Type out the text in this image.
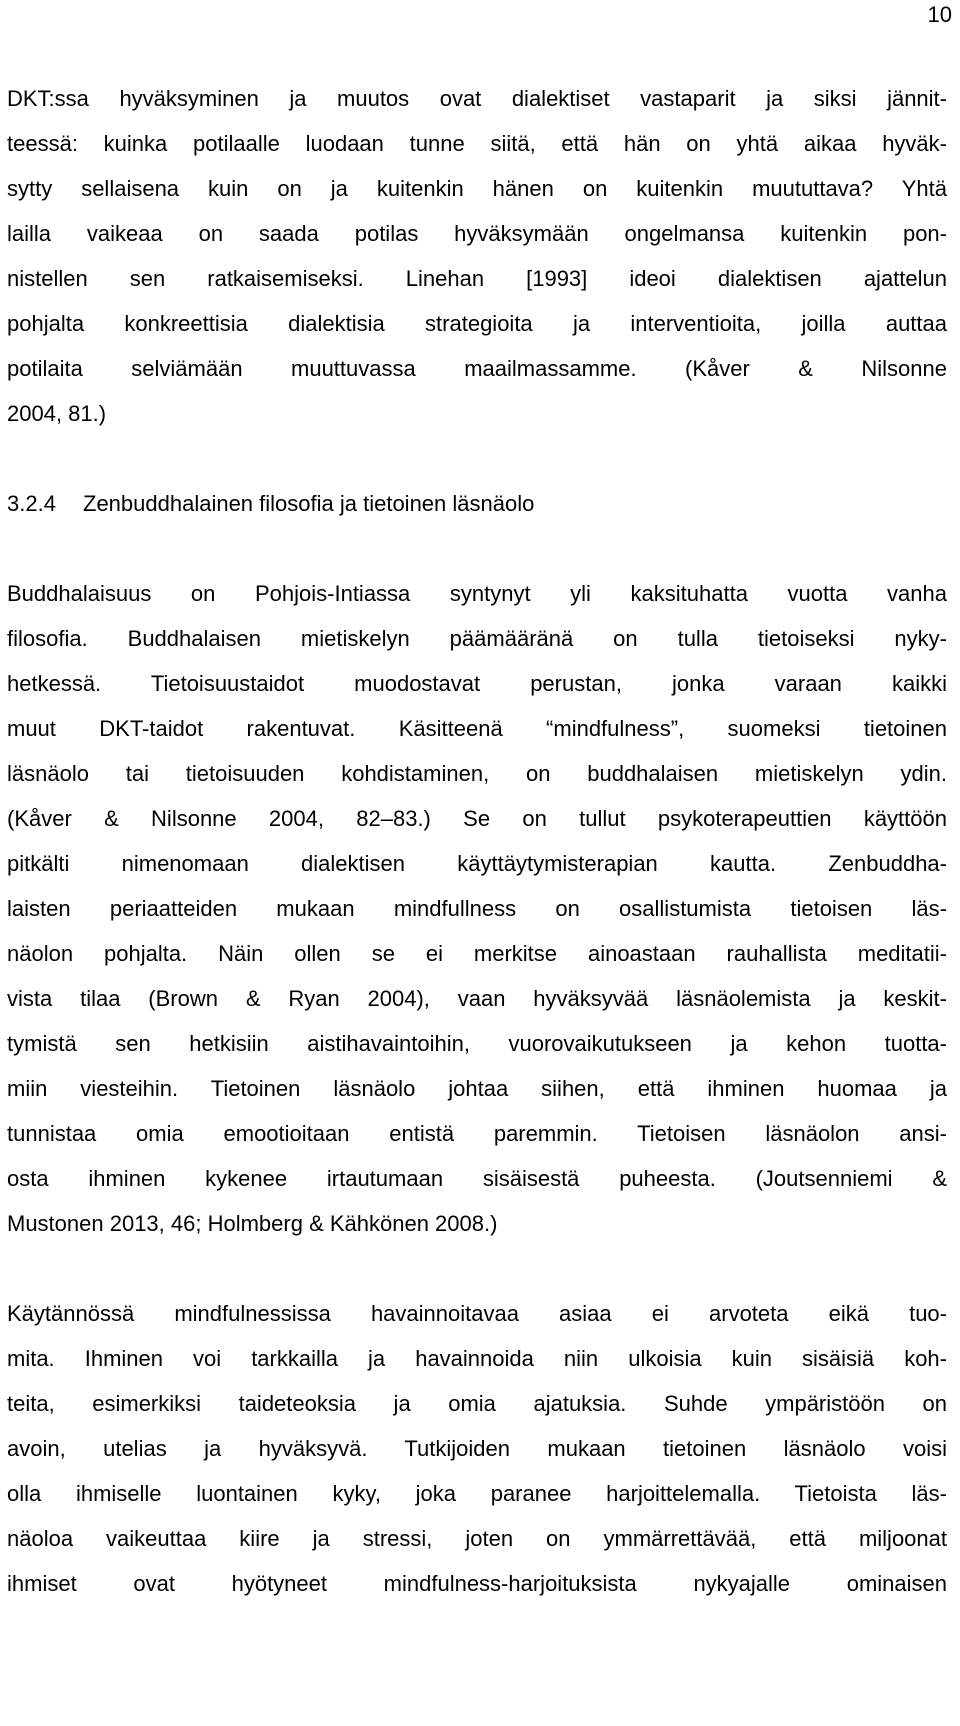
10
DKT:ssa hyväksyminen ja muutos ovat dialektiset vastaparit ja siksi jännit-
teessä: kuinka potilaalle luodaan tunne siitä, että hän on yhtä aikaa hyväk-
sytty sellaisena kuin on ja kuitenkin hänen on kuitenkin muututtava? Yhtä
lailla vaikeaa on saada potilas hyväksymään ongelmansa kuitenkin pon-
nistellen sen ratkaisemiseksi. Linehan [1993] ideoi dialektisen ajattelun
pohjalta konkreettisia dialektisia strategioita ja interventioita, joilla auttaa
potilaita selviämään muuttuvassa maailmassamme. (Kåver & Nilsonne
2004, 81.)
3.2.4 Zenbuddhalainen filosofia ja tietoinen läsnäolo
Buddhalaisuus on Pohjois-Intiassa syntynyt yli kaksituhatta vuotta vanha
filosofia. Buddhalaisen mietiskelyn päämääränä on tulla tietoiseksi nyky-
hetkessä. Tietoisuustaidot muodostavat perustan, jonka varaan kaikki
muut DKT-taidot rakentuvat. Käsitteenä “mindfulness”, suomeksi tietoinen
läsnäolo tai tietoisuuden kohdistaminen, on buddhalaisen mietiskelyn ydin.
(Kåver & Nilsonne 2004, 82–83.) Se on tullut psykoterapeuttien käyttöön
pitkälti nimenomaan dialektisen käyttäytymisterapian kautta. Zenbuddha-
laisten periaatteiden mukaan mindfullness on osallistumista tietoisen läs-
näolon pohjalta. Näin ollen se ei merkitse ainoastaan rauhallista meditatii-
vista tilaa (Brown & Ryan 2004), vaan hyväksyvää läsnäolemista ja keskit-
tymistä sen hetkisiin aistihavaintoihin, vuorovaikutukseen ja kehon tuotta-
miin viesteihin. Tietoinen läsnäolo johtaa siihen, että ihminen huomaa ja
tunnistaa omia emootioitaan entistä paremmin. Tietoisen läsnäolon ansi-
osta ihminen kykenee irtautumaan sisäisestä puheesta. (Joutsenniemi &
Mustonen 2013, 46; Holmberg & Kähkönen 2008.)
Käytännössä mindfulnessissa havainnoitavaa asiaa ei arvoteta eikä tuo-
mita. Ihminen voi tarkkailla ja havainnoida niin ulkoisia kuin sisäisiä koh-
teita, esimerkiksi taideteoksia ja omia ajatuksia. Suhde ympäristöön on
avoin, utelias ja hyväksyvä. Tutkijoiden mukaan tietoinen läsnäolo voisi
olla ihmiselle luontainen kyky, joka paranee harjoittelemalla. Tietoista läs-
näoloa vaikeuttaa kiire ja stressi, joten on ymmärrettävää, että miljoonat
ihmiset ovat hyötyneet mindfulness-harjoituksista nykyajalle ominaisen
